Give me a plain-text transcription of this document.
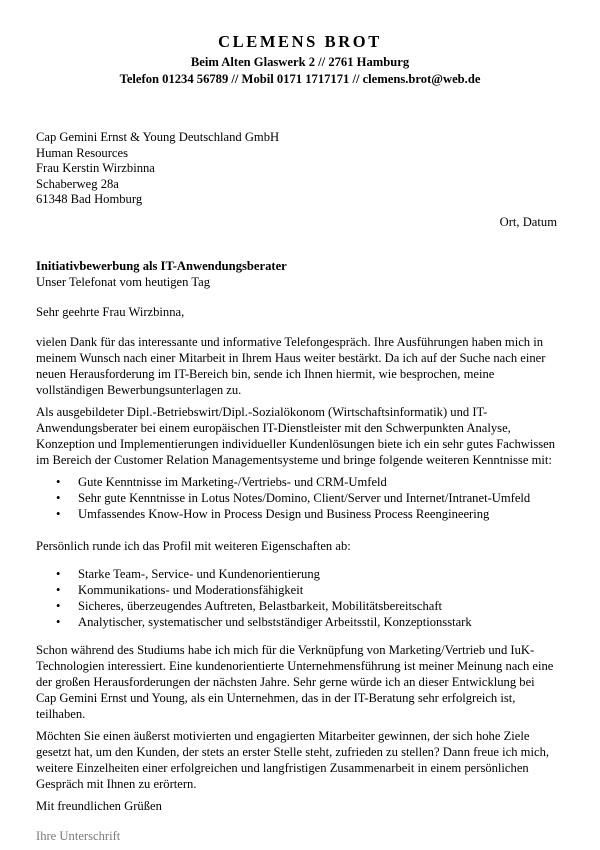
CLEMENS BROT
Beim Alten Glaswerk 2 // 2761 Hamburg
Telefon 01234 56789 // Mobil 0171 1717171 // clemens.brot@web.de
Cap Gemini Ernst & Young Deutschland GmbH
Human Resources
Frau Kerstin Wirzbinna
Schaberweg 28a
61348 Bad Homburg
Ort, Datum
Initiativbewerbung als IT-Anwendungsberater
Unser Telefonat vom heutigen Tag
Sehr geehrte Frau Wirzbinna,
vielen Dank für das interessante und informative Telefongespräch. Ihre Ausführungen haben mich in
meinem Wunsch nach einer Mitarbeit in Ihrem Haus weiter bestärkt. Da ich auf der Suche nach einer
neuen Herausforderung im IT-Bereich bin, sende ich Ihnen hiermit, wie besprochen, meine
vollständigen Bewerbungsunterlagen zu.
Als ausgebildeter Dipl.-Betriebswirt/Dipl.-Sozialökonom (Wirtschaftsinformatik) und IT-
Anwendungsberater bei einem europäischen IT-Dienstleister mit den Schwerpunkten Analyse,
Konzeption und Implementierungen individueller Kundenlösungen biete ich ein sehr gutes Fachwissen
im Bereich der Customer Relation Managementsysteme und bringe folgende weiteren Kenntnisse mit:
• Gute Kenntnisse im Marketing-/Vertriebs- und CRM-Umfeld
• Sehr gute Kenntnisse in Lotus Notes/Domino, Client/Server und Internet/Intranet-Umfeld
• Umfassendes Know-How in Process Design und Business Process Reengineering
Persönlich runde ich das Profil mit weiteren Eigenschaften ab:
• Starke Team-, Service- und Kundenorientierung
• Kommunikations- und Moderationsfähigkeit
• Sicheres, überzeugendes Auftreten, Belastbarkeit, Mobilitätsbereitschaft
• Analytischer, systematischer und selbstständiger Arbeitsstil, Konzeptionsstark
Schon während des Studiums habe ich mich für die Verknüpfung von Marketing/Vertrieb und IuK-
Technologien interessiert. Eine kundenorientierte Unternehmensführung ist meiner Meinung nach eine
der großen Herausforderungen der nächsten Jahre. Sehr gerne würde ich an dieser Entwicklung bei
Cap Gemini Ernst und Young, als ein Unternehmen, das in der IT-Beratung sehr erfolgreich ist,
teilhaben.
Möchten Sie einen äußerst motivierten und engagierten Mitarbeiter gewinnen, der sich hohe Ziele
gesetzt hat, um den Kunden, der stets an erster Stelle steht, zufrieden zu stellen? Dann freue ich mich,
weitere Einzelheiten einer erfolgreichen und langfristigen Zusammenarbeit in einem persönlichen
Gespräch mit Ihnen zu erörtern.
Mit freundlichen Grüßen
Ihre Unterschrift
